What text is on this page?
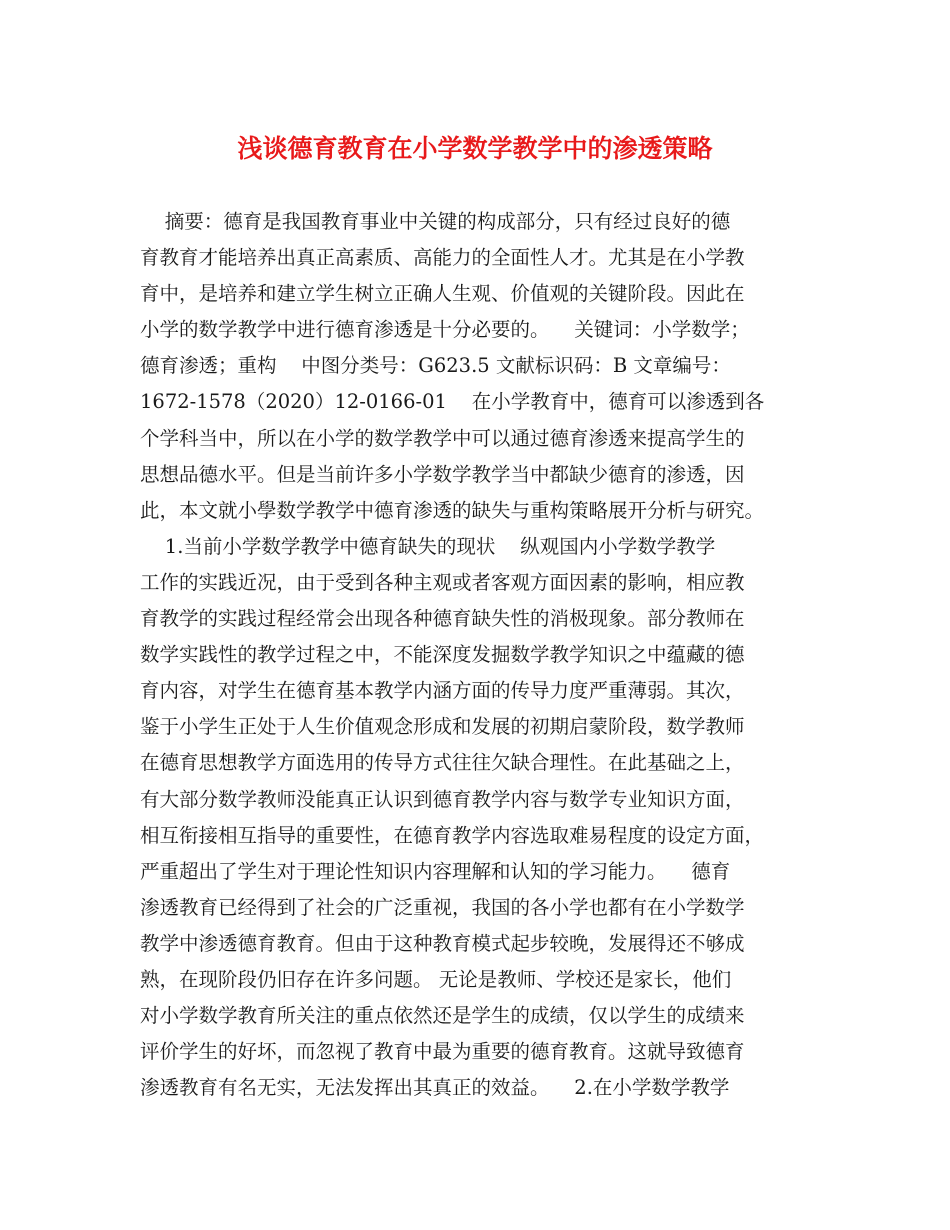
浅谈德育教育在小学数学教学中的渗透策略
摘要：德育是我国教育事业中关键的构成部分，只有经过良好的德
育教育才能培养出真正高素质、高能力的全面性人才。尤其是在小学教
育中，是培养和建立学生树立正确人生观、价值观的关键阶段。因此在
小学的数学教学中进行德育渗透是十分必要的。    关键词：小学数学；
德育渗透；重构    中图分类号：G623.5 文献标识码：B 文章编号：
1672-1578（2020）12-0166-01    在小学教育中，德育可以渗透到各
个学科当中，所以在小学的数学教学中可以通过德育渗透来提高学生的
思想品德水平。但是当前许多小学数学教学当中都缺少德育的渗透，因
此，本文就小學数学教学中德育渗透的缺失与重构策略展开分析与研究。
1.当前小学数学教学中德育缺失的现状    纵观国内小学数学教学
工作的实践近况，由于受到各种主观或者客观方面因素的影响，相应教
育教学的实践过程经常会出现各种德育缺失性的消极现象。部分教师在
数学实践性的教学过程之中，不能深度发掘数学教学知识之中蕴藏的德
育内容，对学生在德育基本教学内涵方面的传导力度严重薄弱。其次，
鉴于小学生正处于人生价值观念形成和发展的初期启蒙阶段，数学教师
在德育思想教学方面选用的传导方式往往欠缺合理性。在此基础之上，
有大部分数学教师没能真正认识到德育教学内容与数学专业知识方面，
相互衔接相互指导的重要性，在德育教学内容选取难易程度的设定方面，
严重超出了学生对于理论性知识内容理解和认知的学习能力。    德育
渗透教育已经得到了社会的广泛重视，我国的各小学也都有在小学数学
教学中渗透德育教育。但由于这种教育模式起步较晚，发展得还不够成
熟，在现阶段仍旧存在许多问题。 无论是教师、学校还是家长，他们
对小学数学教育所关注的重点依然还是学生的成绩，仅以学生的成绩来
评价学生的好坏，而忽视了教育中最为重要的德育教育。这就导致德育
渗透教育有名无实，无法发挥出其真正的效益。    2.在小学数学教学
